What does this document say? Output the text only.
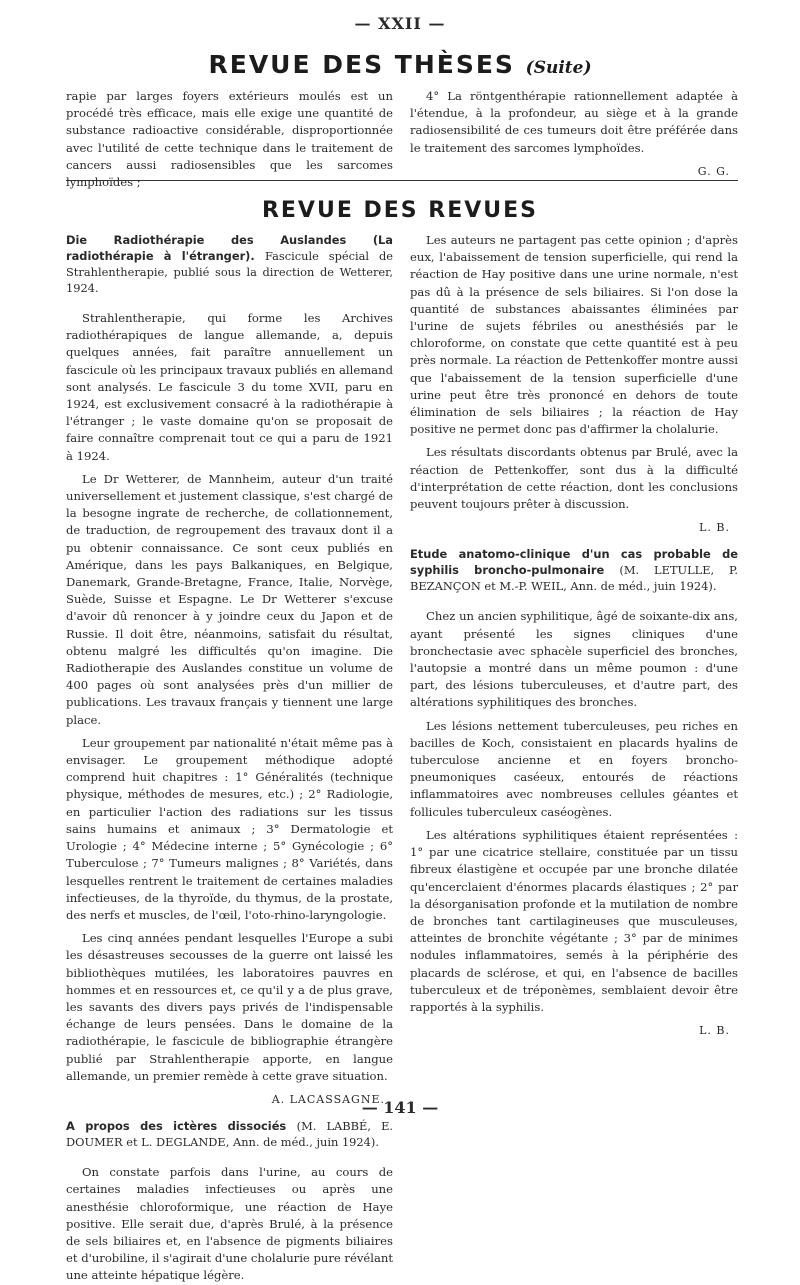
— XXII —
REVUE DES THÈSES (Suite)

rapie par larges foyers extérieurs moulés est un procédé très efficace, mais elle exige une quantité de substance radioactive considérable, disproportionnée avec l'utilité de cette technique dans le traitement de cancers aussi radiosensibles que les sarcomes lymphoïdes ;

4° La röntgenthérapie rationnellement adaptée à l'étendue, à la profondeur, au siège et à la grande radiosensibilité de ces tumeurs doit être préférée dans le traitement des sarcomes lymphoïdes.

G. G.
REVUE DES REVUES
Die Radiothérapie des Auslandes (La radiothérapie à l'étranger). Fascicule spécial de Strahlentherapie, publié sous la direction de Wetterer, 1924.

Strahlentherapie, qui forme les Archives radiothérapiques de langue allemande, a, depuis quelques années, fait paraître annuellement un fascicule où les principaux travaux publiés en allemand sont analysés. Le fascicule 3 du tome XVII, paru en 1924, est exclusivement consacré à la radiothérapie à l'étranger ; le vaste domaine qu'on se proposait de faire connaître comprenait tout ce qui a paru de 1921 à 1924.

Le Dr Wetterer, de Mannheim, auteur d'un traité universellement et justement classique, s'est chargé de la besogne ingrate de recherche, de collationnement, de traduction, de regroupement des travaux dont il a pu obtenir connaissance. Ce sont ceux publiés en Amérique, dans les pays Balkaniques, en Belgique, Danemark, Grande-Bretagne, France, Italie, Norvège, Suède, Suisse et Espagne. Le Dr Wetterer s'excuse d'avoir dû renoncer à y joindre ceux du Japon et de Russie. Il doit être, néanmoins, satisfait du résultat, obtenu malgré les difficultés qu'on imagine. Die Radiotherapie des Auslandes constitue un volume de 400 pages où sont analysées près d'un millier de publications. Les travaux français y tiennent une large place.

Leur groupement par nationalité n'était même pas à envisager. Le groupement méthodique adopté comprend huit chapitres : 1° Généralités (technique physique, méthodes de mesures, etc.) ; 2° Radiologie, en particulier l'action des radiations sur les tissus sains humains et animaux ; 3° Dermatologie et Urologie ; 4° Médecine interne ; 5° Gynécologie ; 6° Tuberculose ; 7° Tumeurs malignes ; 8° Variétés, dans lesquelles rentrent le traitement de certaines maladies infectieuses, de la thyroïde, du thymus, de la prostate, des nerfs et muscles, de l'œil, l'oto-rhino-laryngologie.

Les cinq années pendant lesquelles l'Europe a subi les désastreuses secousses de la guerre ont laissé les bibliothèques mutilées, les laboratoires pauvres en hommes et en ressources et, ce qu'il y a de plus grave, les savants des divers pays privés de l'indispensable échange de leurs pensées. Dans le domaine de la radiothérapie, le fascicule de bibliographie étrangère publié par Strahlentherapie apporte, en langue allemande, un premier remède à cette grave situation.

A. LACASSAGNE.
A propos des ictères dissociés (M. LABBÉ, E. DOUMER et L. DEGLANDE, Ann. de méd., juin 1924).

On constate parfois dans l'urine, au cours de certaines maladies infectieuses ou après une anesthésie chloroformique, une réaction de Haye positive. Elle serait due, d'après Brulé, à la présence de sels biliaires et, en l'absence de pigments biliaires et d'urobiline, il s'agirait d'une cholalurie pure révélant une atteinte hépatique légère.

Les auteurs ne partagent pas cette opinion ; d'après eux, l'abaissement de tension superficielle, qui rend la réaction de Hay positive dans une urine normale, n'est pas dû à la présence de sels biliaires. Si l'on dose la quantité de substances abaissantes éliminées par l'urine de sujets fébriles ou anesthésiés par le chloroforme, on constate que cette quantité est à peu près normale. La réaction de Pettenkoffer montre aussi que l'abaissement de la tension superficielle d'une urine peut être très prononcé en dehors de toute élimination de sels biliaires ; la réaction de Hay positive ne permet donc pas d'affirmer la cholalurie.

Les résultats discordants obtenus par Brulé, avec la réaction de Pettenkoffer, sont dus à la difficulté d'interprétation de cette réaction, dont les conclusions peuvent toujours prêter à discussion.

L. B.
Etude anatomo-clinique d'un cas probable de syphilis broncho-pulmonaire (M. LETULLE, P. BEZANÇON et M.-P. WEIL, Ann. de méd., juin 1924).

Chez un ancien syphilitique, âgé de soixante-dix ans, ayant présenté les signes cliniques d'une bronchectasie avec sphacèle superficiel des bronches, l'autopsie a montré dans un même poumon : d'une part, des lésions tuberculeuses, et d'autre part, des altérations syphilitiques des bronches.

Les lésions nettement tuberculeuses, peu riches en bacilles de Koch, consistaient en placards hyalins de tuberculose ancienne et en foyers broncho-pneumoniques caséeux, entourés de réactions inflammatoires avec nombreuses cellules géantes et follicules tuberculeux caséogènes.

Les altérations syphilitiques étaient représentées : 1° par une cicatrice stellaire, constituée par un tissu fibreux élastigène et occupée par une bronche dilatée qu'encerclaient d'énormes placards élastiques ; 2° par la désorganisation profonde et la mutilation de nombre de bronches tant cartilagineuses que musculeuses, atteintes de bronchite végétante ; 3° par de minimes nodules inflammatoires, semés à la périphérie des placards de sclérose, et qui, en l'absence de bacilles tuberculeux et de tréponèmes, semblaient devoir être rapportés à la syphilis.

L. B.
— 141 —
